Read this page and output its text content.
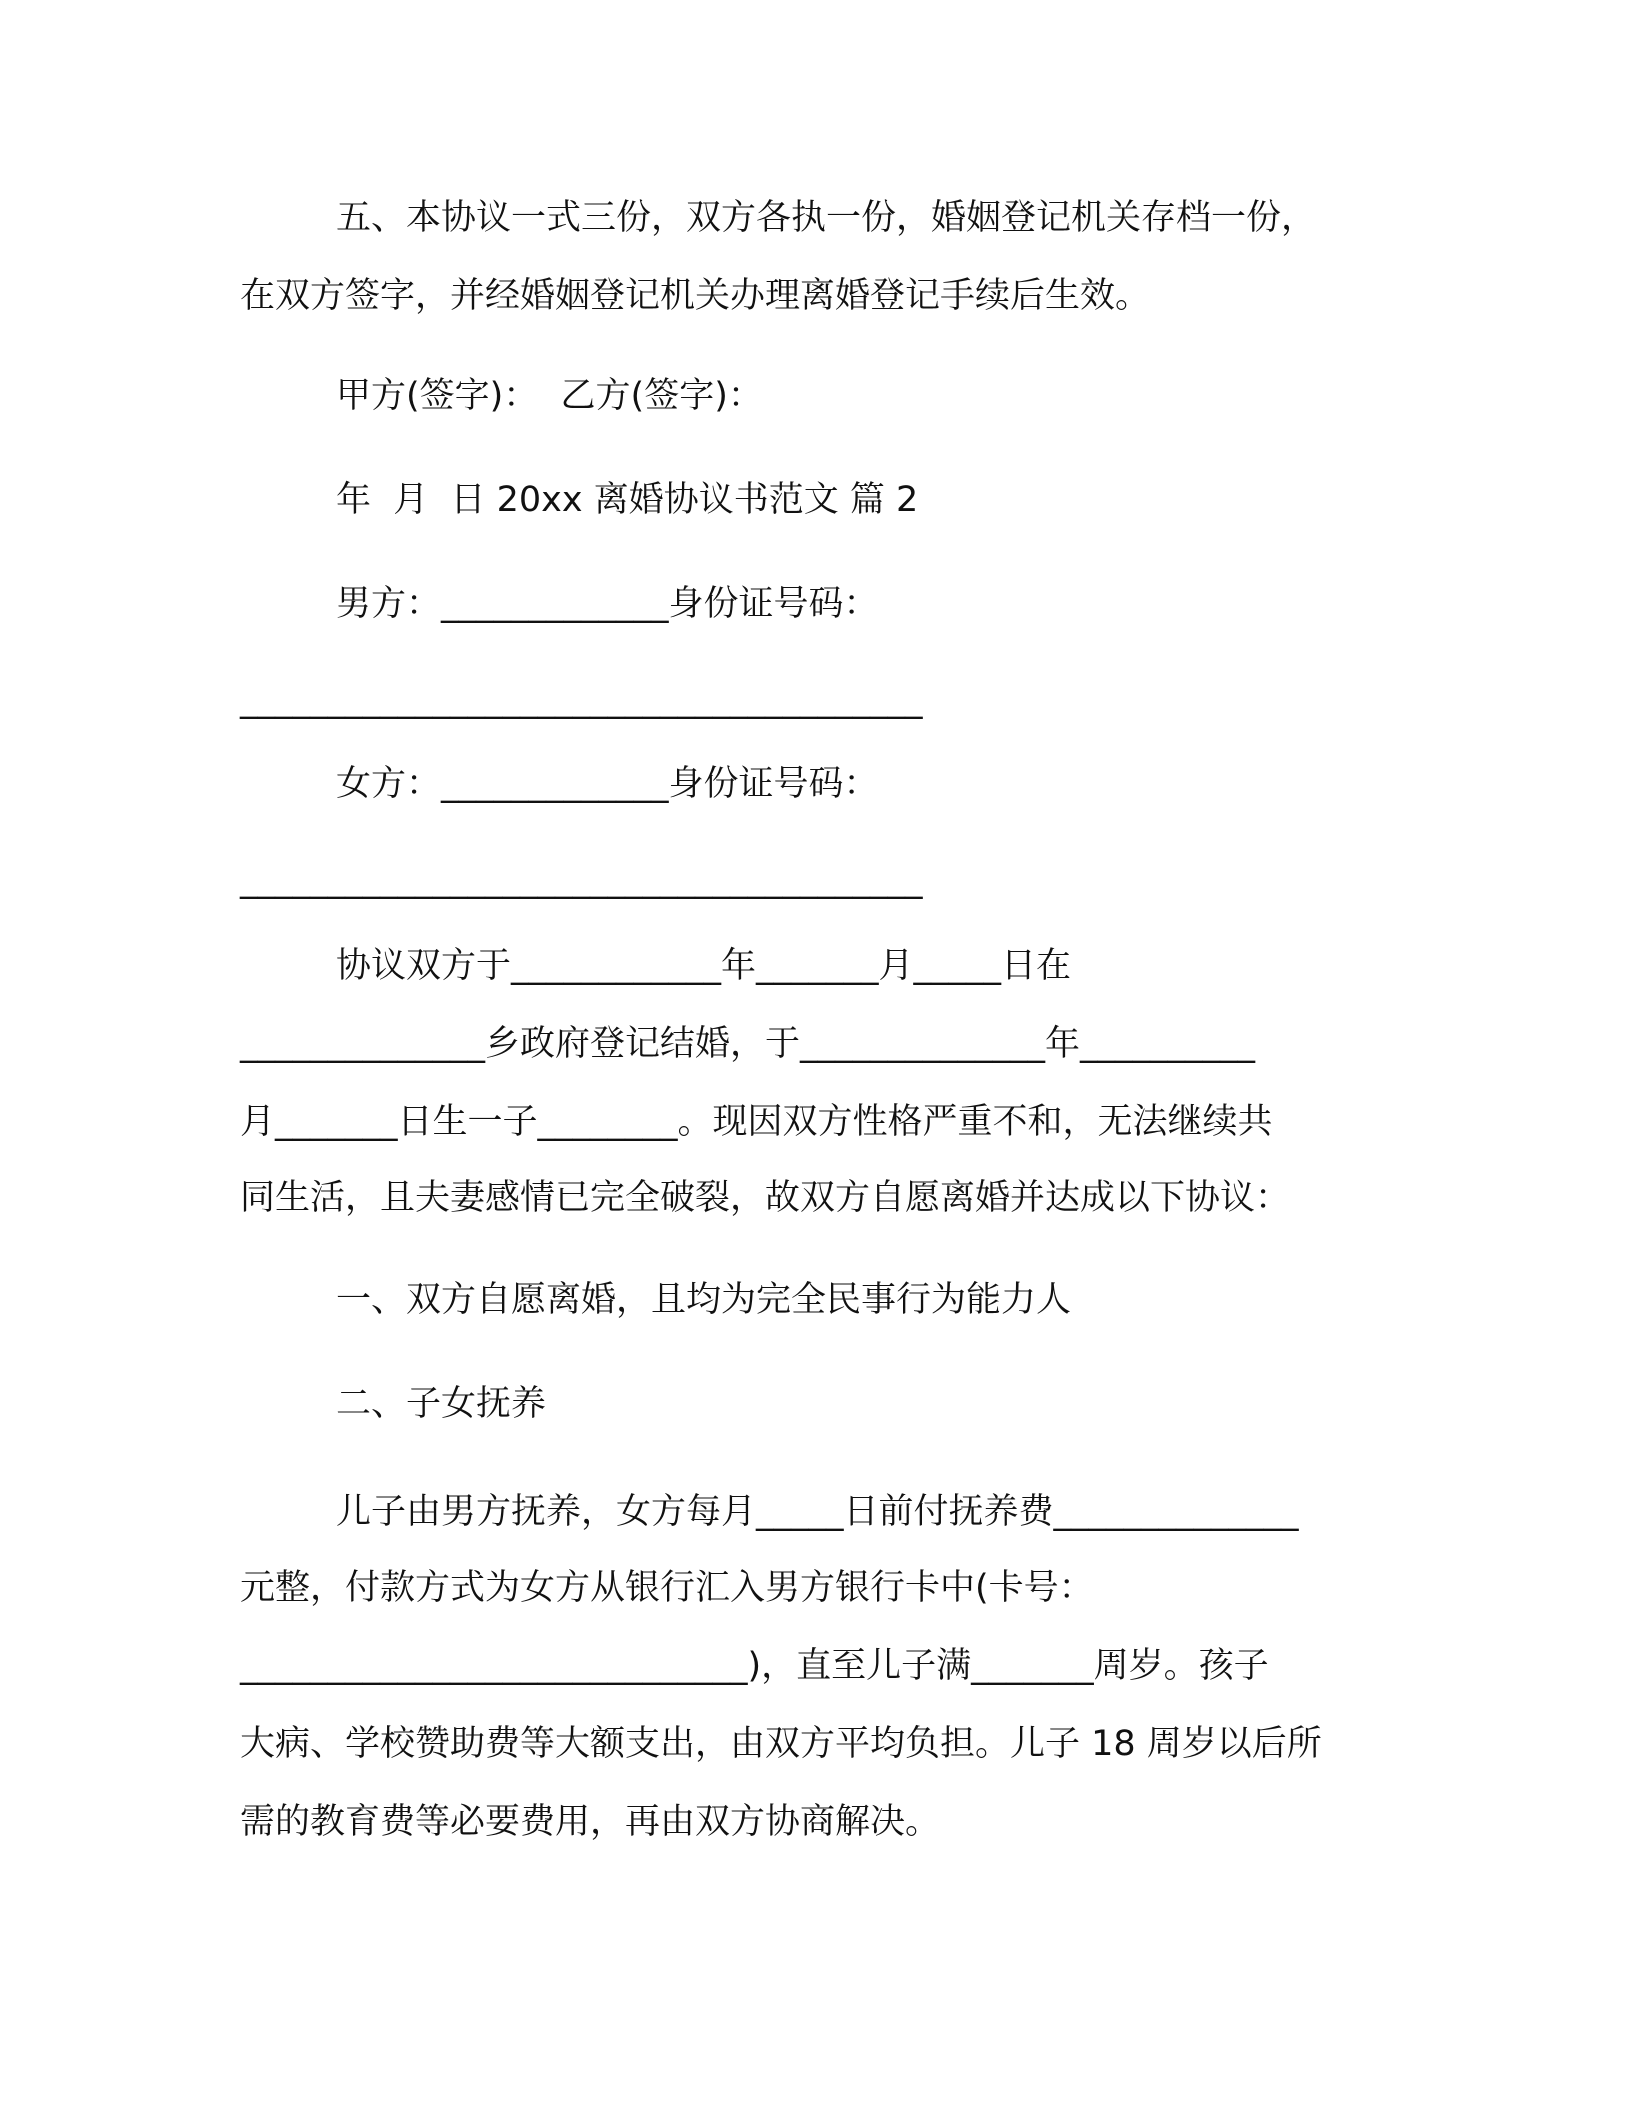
五、本协议一式三份，双方各执一份，婚姻登记机关存档一份，
在双方签字，并经婚姻登记机关办理离婚登记手续后生效。
甲方(签字)：  乙方(签字)：
年  月  日 20xx 离婚协议书范文 篇 2
男方：_____________身份证号码：
_______________________________________
女方：_____________身份证号码：
_______________________________________
协议双方于____________年_______月_____日在
______________乡政府登记结婚，于______________年__________
月_______日生一子________。现因双方性格严重不和，无法继续共
同生活，且夫妻感情已完全破裂，故双方自愿离婚并达成以下协议：
一、双方自愿离婚，且均为完全民事行为能力人
二、子女抚养
儿子由男方抚养，女方每月_____日前付抚养费______________
元整，付款方式为女方从银行汇入男方银行卡中(卡号：
_____________________________)，直至儿子满_______周岁。孩子
大病、学校赞助费等大额支出，由双方平均负担。儿子 18 周岁以后所
需的教育费等必要费用，再由双方协商解决。
